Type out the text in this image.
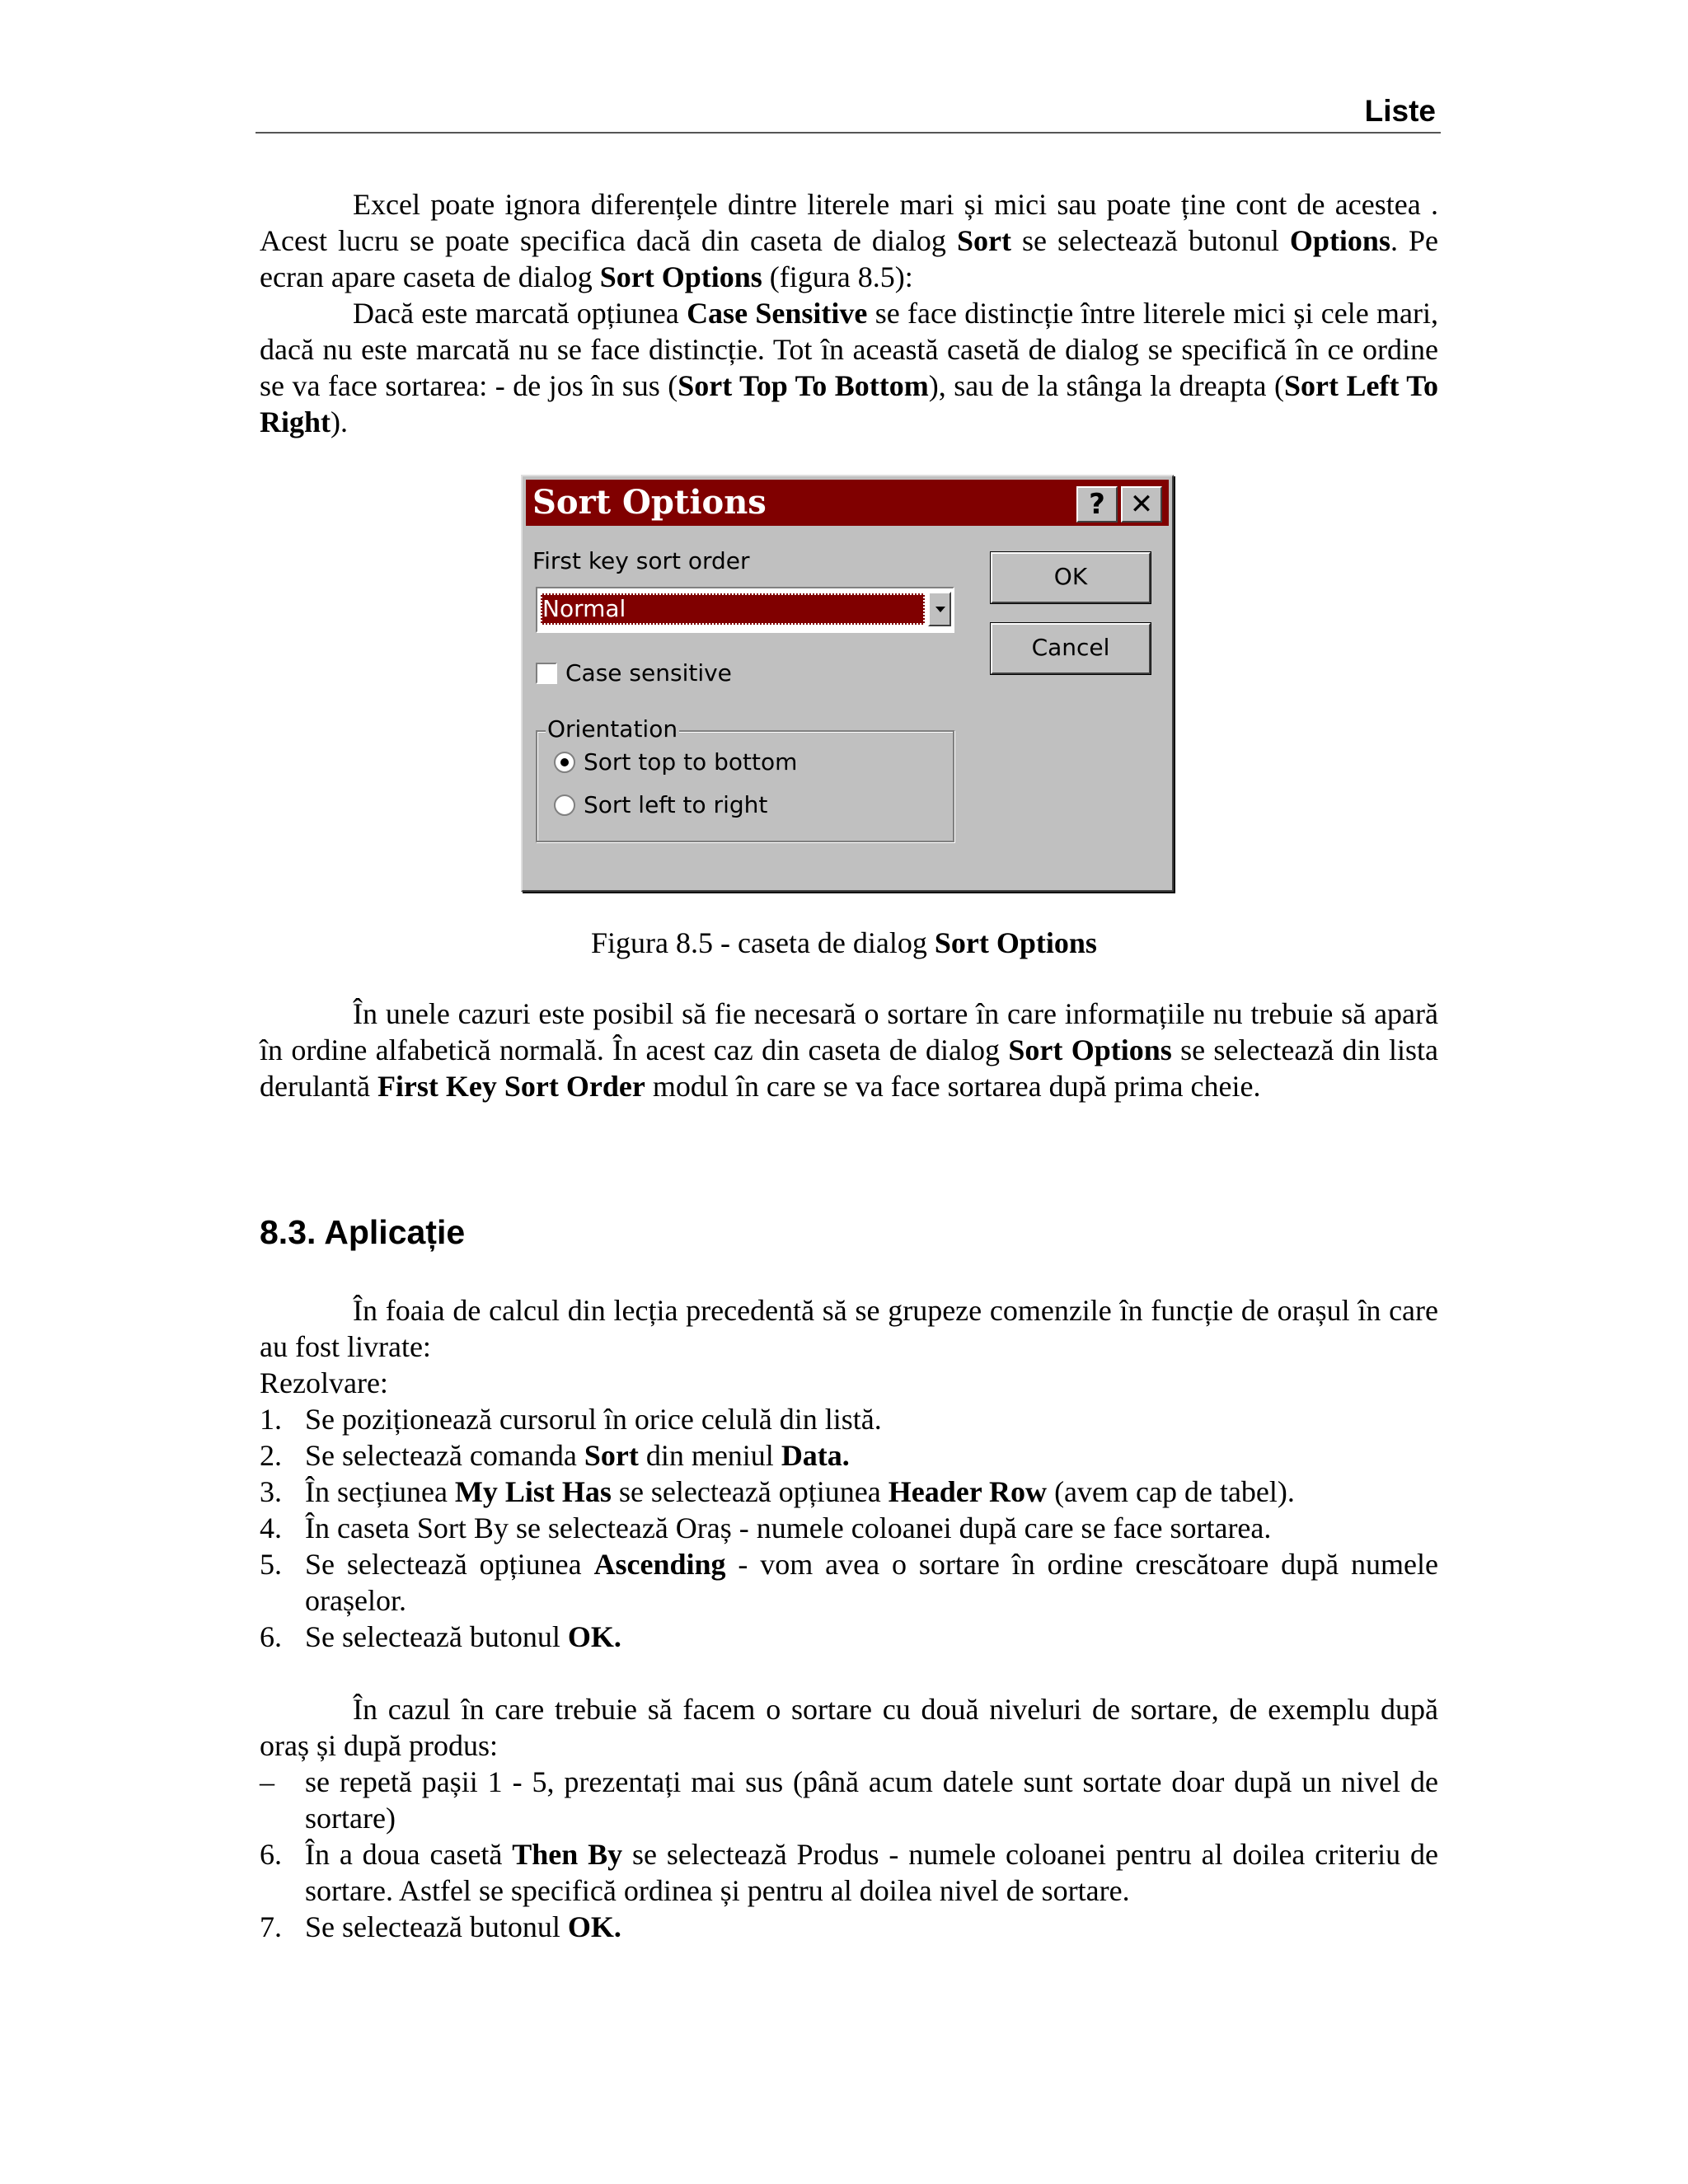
Liste
Excel poate ignora diferențele dintre literele mari și mici sau poate ține cont de acestea . Acest lucru se poate specifica dacă din caseta de dialog Sort se selectează butonul Options. Pe ecran apare caseta de dialog Sort Options (figura 8.5):
Dacă este marcată opțiunea Case Sensitive se face distincție între literele mici și cele mari, dacă nu este marcată nu se face distincție. Tot în această casetă de dialog se specifică în ce ordine se va face sortarea: - de jos în sus (Sort Top To Bottom), sau de la stânga la dreapta (Sort Left To Right).
Sort Options	? ✕
First key sort order
Normal
OK
Cancel
Case sensitive
Orientation
Sort top to bottom
Sort left to right
Figura 8.5 - caseta de dialog Sort Options
În unele cazuri este posibil să fie necesară o sortare în care informațiile nu trebuie să apară în ordine alfabetică normală. În acest caz din caseta de dialog Sort Options se selectează din lista derulantă First Key Sort Order modul în care se va face sortarea după prima cheie.
8.3. Aplicație
În foaia de calcul din lecția precedentă să se grupeze comenzile în funcție de orașul în care au fost livrate:
Rezolvare:
1. Se poziționează cursorul în orice celulă din listă.
2. Se selectează comanda Sort din meniul Data.
3. În secțiunea My List Has se selectează opțiunea Header Row (avem cap de tabel).
4. În caseta Sort By se selectează Oraș - numele coloanei după care se face sortarea.
5. Se selectează opțiunea Ascending - vom avea o sortare în ordine crescătoare după numele orașelor.
6. Se selectează butonul OK.
În cazul în care trebuie să facem o sortare cu două niveluri de sortare, de exemplu după oraș și după produs:
– se repetă pașii 1 - 5, prezentați mai sus (până acum datele sunt sortate doar după un nivel de sortare)
6. În a doua casetă Then By se selectează Produs - numele coloanei pentru al doilea criteriu de sortare. Astfel se specifică ordinea și pentru al doilea nivel de sortare.
7. Se selectează butonul OK.
